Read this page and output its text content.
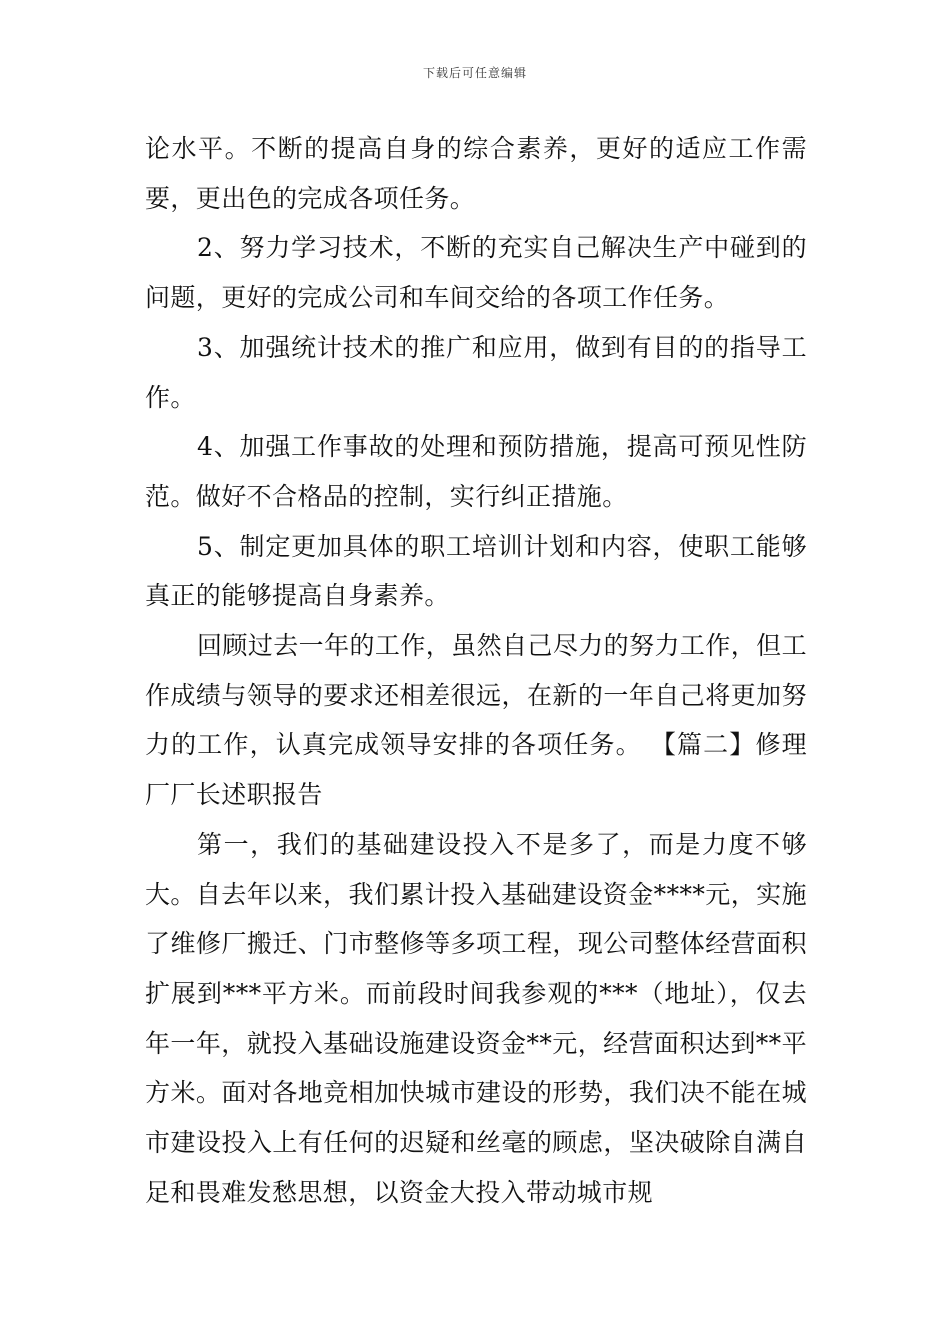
下载后可任意编辑

论水平。不断的提高自身的综合素养，更好的适应工作需要，更出色的完成各项任务。

2、努力学习技术，不断的充实自己解决生产中碰到的问题，更好的完成公司和车间交给的各项工作任务。

3、加强统计技术的推广和应用，做到有目的的指导工作。

4、加强工作事故的处理和预防措施，提高可预见性防范。做好不合格品的控制，实行纠正措施。

5、制定更加具体的职工培训计划和内容，使职工能够真正的能够提高自身素养。

回顾过去一年的工作，虽然自己尽力的努力工作，但工作成绩与领导的要求还相差很远，在新的一年自己将更加努力的工作，认真完成领导安排的各项任务。 【篇二】修理厂厂长述职报告

第一，我们的基础建设投入不是多了，而是力度不够大。自去年以来，我们累计投入基础建设资金****元，实施了维修厂搬迁、门市整修等多项工程，现公司整体经营面积扩展到***平方米。而前段时间我参观的***（地址），仅去年一年，就投入基础设施建设资金**元，经营面积达到**平方米。面对各地竞相加快城市建设的形势，我们决不能在城市建设投入上有任何的迟疑和丝毫的顾虑，坚决破除自满自足和畏难发愁思想，以资金大投入带动城市规
